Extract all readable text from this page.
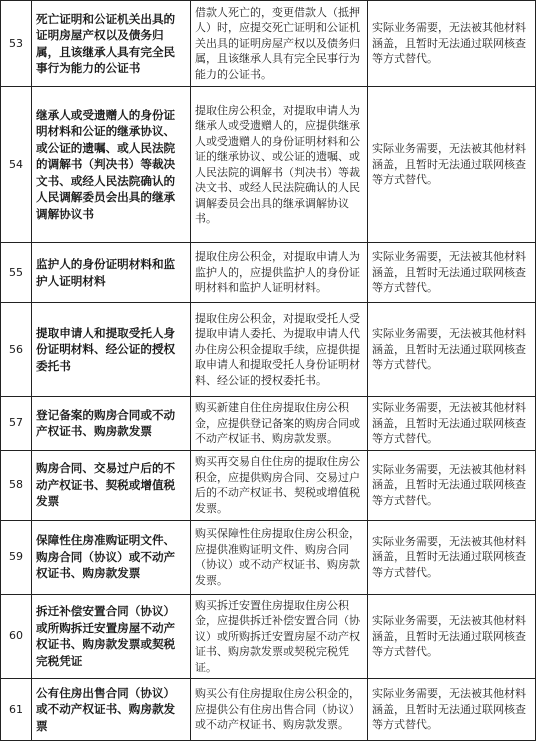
53	死亡证明和公证机关出具的证明房屋产权以及债务归属，且该继承人具有完全民事行为能力的公证书	借款人死亡的，变更借款人（抵押人）时，应提交死亡证明和公证机关出具的证明房屋产权以及债务归属，且该继承人具有完全民事行为能力的公证书。	实际业务需要，无法被其他材料涵盖，且暂时无法通过联网核查等方式替代。
54	继承人或受遗赠人的身份证明材料和公证的继承协议、或公证的遗嘱、或人民法院的调解书（判决书）等裁决文书、或经人民法院确认的人民调解委员会出具的继承调解协议书	提取住房公积金，对提取申请人为继承人或受遗赠人的，应提供继承人或受遗赠人的身份证明材料和公证的继承协议、或公证的遗嘱、或人民法院的调解书（判决书）等裁决文书、或经人民法院确认的人民调解委员会出具的继承调解协议书。	实际业务需要，无法被其他材料涵盖，且暂时无法通过联网核查等方式替代。
55	监护人的身份证明材料和监护人证明材料	提取住房公积金，对提取申请人为监护人的，应提供监护人的身份证明材料和监护人证明材料。	实际业务需要，无法被其他材料涵盖，且暂时无法通过联网核查等方式替代。
56	提取申请人和提取受托人身份证明材料、经公证的授权委托书	提取住房公积金，对提取受托人受提取申请人委托、为提取申请人代办住房公积金提取手续，应提供提取申请人和提取受托人身份证明材料、经公证的授权委托书。	实际业务需要，无法被其他材料涵盖，且暂时无法通过联网核查等方式替代。
57	登记备案的购房合同或不动产权证书、购房款发票	购买新建自住住房提取住房公积金，应提供登记备案的购房合同或不动产权证书、购房款发票。	实际业务需要，无法被其他材料涵盖，且暂时无法通过联网核查等方式替代。
58	购房合同、交易过户后的不动产权证书、契税或增值税发票	购买再交易自住住房的提取住房公积金，应提供购房合同、交易过户后的不动产权证书、契税或增值税发票。	实际业务需要，无法被其他材料涵盖，且暂时无法通过联网核查等方式替代。
59	保障性住房准购证明文件、购房合同（协议）或不动产权证书、购房款发票	购买保障性住房提取住房公积金，应提供准购证明文件、购房合同（协议）或不动产权证书、购房款发票。	实际业务需要，无法被其他材料涵盖，且暂时无法通过联网核查等方式替代。
60	拆迁补偿安置合同（协议）或所购拆迁安置房屋不动产权证书、购房款发票或契税完税凭证	购买拆迁安置住房提取住房公积金，应提供拆迁补偿安置合同（协议）或所购拆迁安置房屋不动产权证书、购房款发票或契税完税凭证。	实际业务需要，无法被其他材料涵盖，且暂时无法通过联网核查等方式替代。
61	公有住房出售合同（协议）或不动产权证书、购房款发票	购买公有住房提取住房公积金的，应提供公有住房出售合同（协议）或不动产权证书、购房款发票。	实际业务需要，无法被其他材料涵盖，且暂时无法通过联网核查等方式替代。
